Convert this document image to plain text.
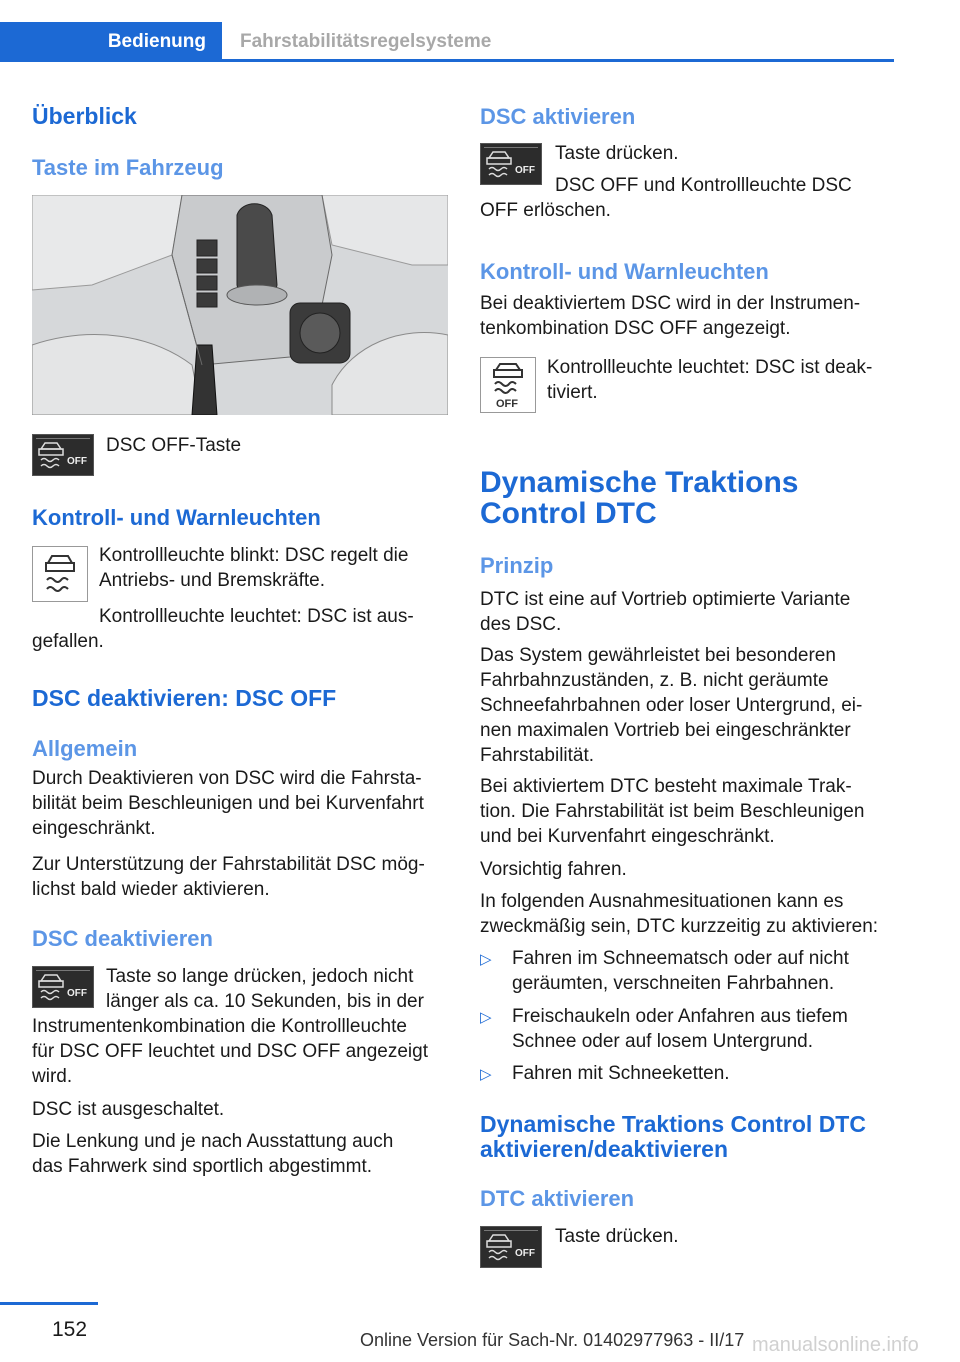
Bedienung	Fahrstabilitätsregelsysteme
Überblick
Taste im Fahrzeug
OFF
DSC OFF-Taste
Kontroll- und Warnleuchten
Kontrollleuchte blinkt: DSC regelt die
Antriebs- und Bremskräfte.
Kontrollleuchte leuchtet: DSC ist aus‐
gefallen.
DSC deaktivieren: DSC OFF
Allgemein
Durch Deaktivieren von DSC wird die Fahrsta‐
bilität beim Beschleunigen und bei Kurvenfahrt
eingeschränkt.
Zur Unterstützung der Fahrstabilität DSC mög‐
lichst bald wieder aktivieren.
DSC deaktivieren
OFF
Taste so lange drücken, jedoch nicht
länger als ca. 10 Sekunden, bis in der
Instrumentenkombination die Kontrollleuchte
für DSC OFF leuchtet und DSC OFF angezeigt
wird.
DSC ist ausgeschaltet.
Die Lenkung und je nach Ausstattung auch
das Fahrwerk sind sportlich abgestimmt.
DSC aktivieren
OFF
Taste drücken.
DSC OFF und Kontrollleuchte DSC
OFF erlöschen.
Kontroll- und Warnleuchten
Bei deaktiviertem DSC wird in der Instrumen‐
tenkombination DSC OFF angezeigt.
OFF
Kontrollleuchte leuchtet: DSC ist deak‐
tiviert.
Dynamische Traktions
Control DTC
Prinzip
DTC ist eine auf Vortrieb optimierte Variante
des DSC.
Das System gewährleistet bei besonderen
Fahrbahnzuständen, z. B. nicht geräumte
Schneefahrbahnen oder loser Untergrund, ei‐
nen maximalen Vortrieb bei eingeschränkter
Fahrstabilität.
Bei aktiviertem DTC besteht maximale Trak‐
tion. Die Fahrstabilität ist beim Beschleunigen
und bei Kurvenfahrt eingeschränkt.
Vorsichtig fahren.
In folgenden Ausnahmesituationen kann es
zweckmäßig sein, DTC kurzzeitig zu aktivieren:
▷ Fahren im Schneematsch oder auf nicht
geräumten, verschneiten Fahrbahnen.
▷ Freischaukeln oder Anfahren aus tiefem
Schnee oder auf losem Untergrund.
▷ Fahren mit Schneeketten.
Dynamische Traktions Control DTC
aktivieren/deaktivieren
DTC aktivieren
OFF
Taste drücken.
152	Online Version für Sach-Nr. 01402977963 - II/17 manualsonline.info
